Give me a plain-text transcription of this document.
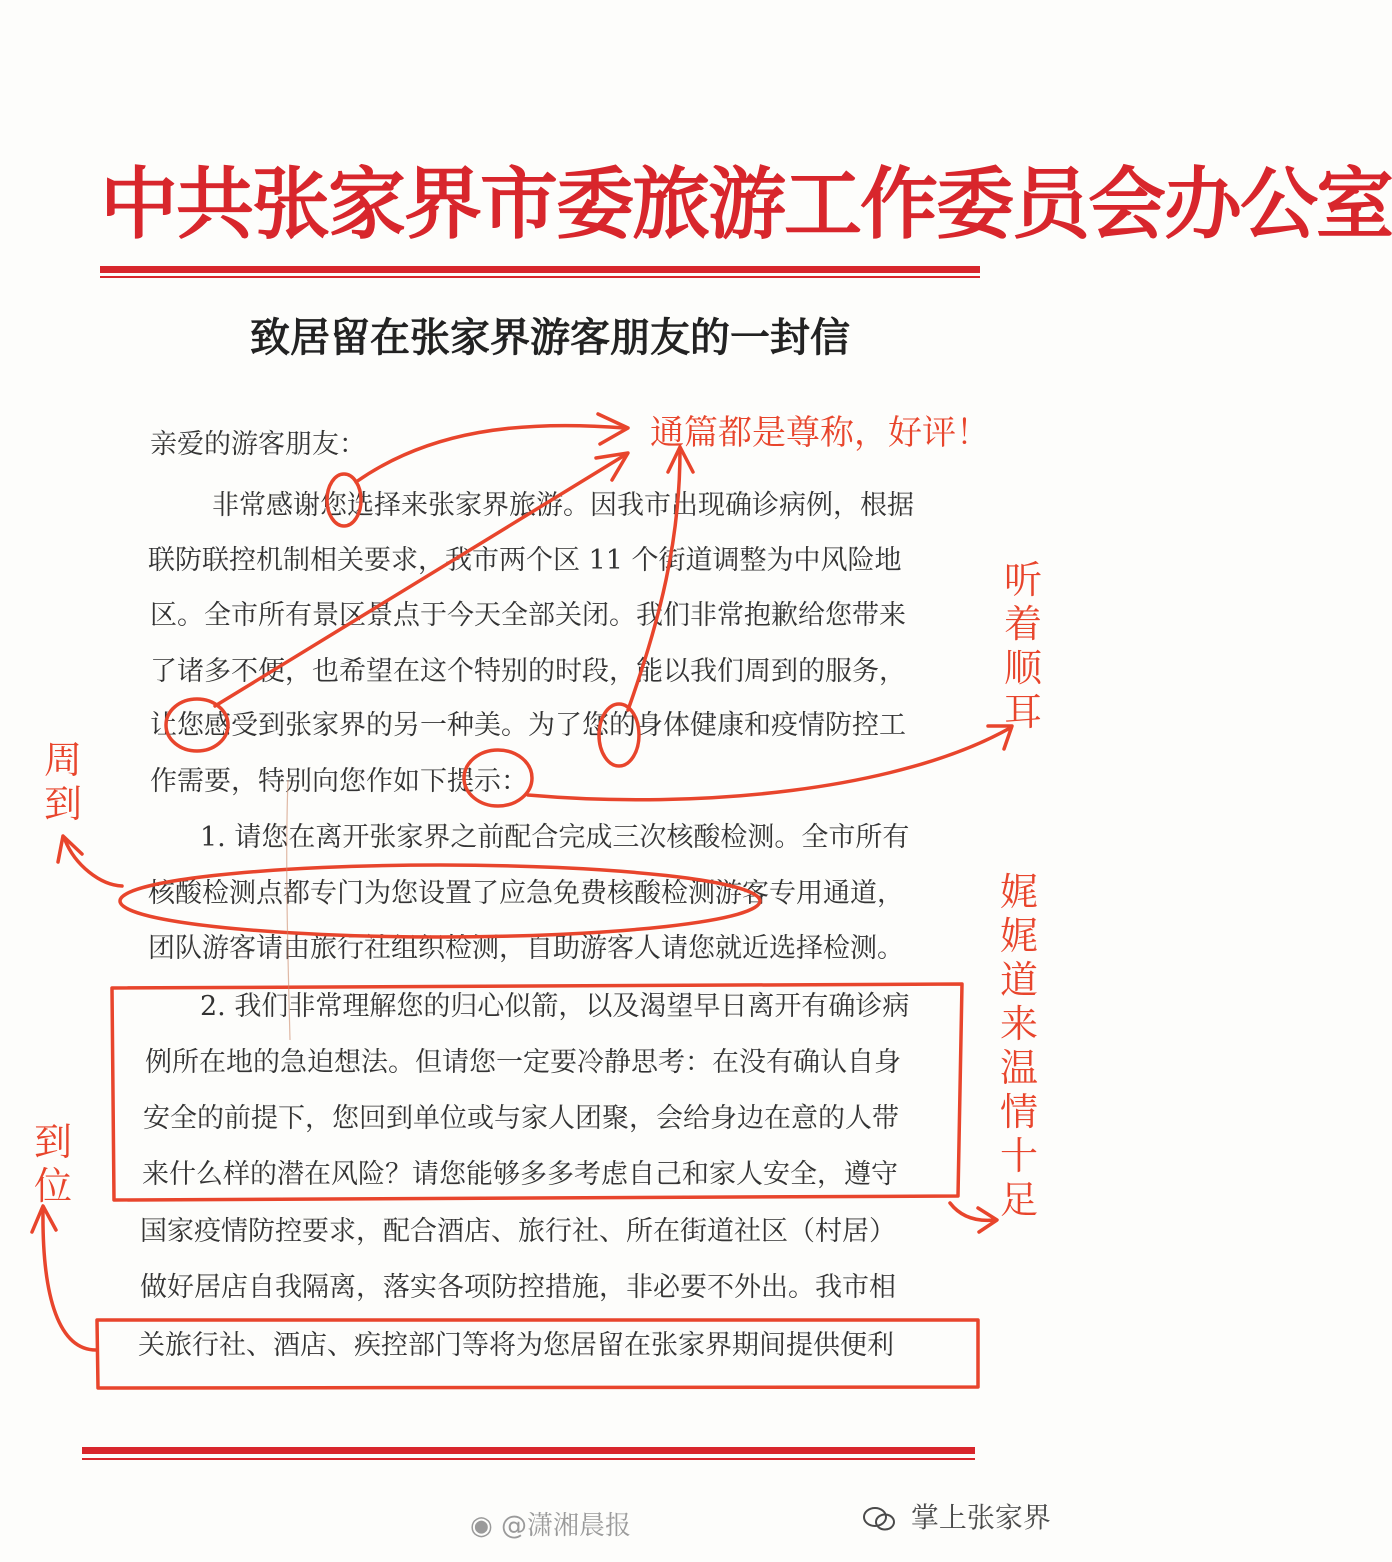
中共张家界市委旅游工作委员会办公室
致居留在张家界游客朋友的一封信
亲爱的游客朋友：
非常感谢您选择来张家界旅游。因我市出现确诊病例，根据
联防联控机制相关要求，我市两个区 11 个街道调整为中风险地
区。全市所有景区景点于今天全部关闭。我们非常抱歉给您带来
了诸多不便，也希望在这个特别的时段，能以我们周到的服务，
让您感受到张家界的另一种美。为了您的身体健康和疫情防控工
作需要，特别向您作如下提示：
1. 请您在离开张家界之前配合完成三次核酸检测。全市所有
核酸检测点都专门为您设置了应急免费核酸检测游客专用通道，
团队游客请由旅行社组织检测，自助游客人请您就近选择检测。
2. 我们非常理解您的归心似箭，以及渴望早日离开有确诊病
例所在地的急迫想法。但请您一定要冷静思考：在没有确认自身
安全的前提下，您回到单位或与家人团聚，会给身边在意的人带
来什么样的潜在风险？请您能够多多考虑自己和家人安全，遵守
国家疫情防控要求，配合酒店、旅行社、所在街道社区（村居）
做好居店自我隔离，落实各项防控措施，非必要不外出。我市相
关旅行社、酒店、疾控部门等将为您居留在张家界期间提供便利
通篇都是尊称，好评！
听着顺耳
周到
娓娓道来温情十足
到位
◉ @潇湘晨报	掌上张家界
